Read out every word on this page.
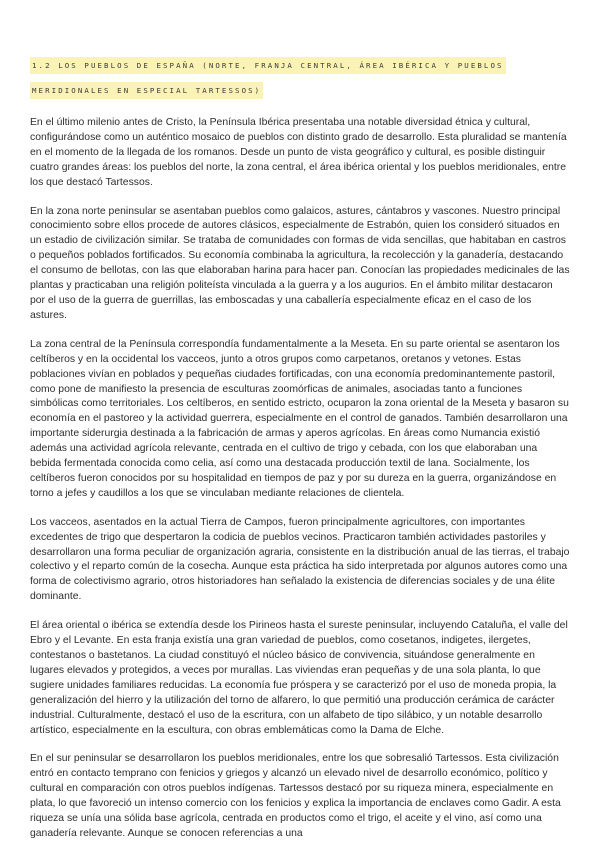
1.2 LOS PUEBLOS DE ESPAÑA (NORTE, FRANJA CENTRAL, ÁREA IBÉRICA Y PUEBLOS MERIDIONALES EN ESPECIAL TARTESSOS)

En el último milenio antes de Cristo, la Península Ibérica presentaba una notable diversidad étnica y cultural, configurándose como un auténtico mosaico de pueblos con distinto grado de desarrollo. Esta pluralidad se mantenía en el momento de la llegada de los romanos. Desde un punto de vista geográfico y cultural, es posible distinguir cuatro grandes áreas: los pueblos del norte, la zona central, el área ibérica oriental y los pueblos meridionales, entre los que destacó Tartessos.

En la zona norte peninsular se asentaban pueblos como galaicos, astures, cántabros y vascones. Nuestro principal conocimiento sobre ellos procede de autores clásicos, especialmente de Estrabón, quien los consideró situados en un estadio de civilización similar. Se trataba de comunidades con formas de vida sencillas, que habitaban en castros o pequeños poblados fortificados. Su economía combinaba la agricultura, la recolección y la ganadería, destacando el consumo de bellotas, con las que elaboraban harina para hacer pan. Conocían las propiedades medicinales de las plantas y practicaban una religión politeísta vinculada a la guerra y a los augurios. En el ámbito militar destacaron por el uso de la guerra de guerrillas, las emboscadas y una caballería especialmente eficaz en el caso de los astures.

La zona central de la Península correspondía fundamentalmente a la Meseta. En su parte oriental se asentaron los celtíberos y en la occidental los vacceos, junto a otros grupos como carpetanos, oretanos y vetones. Estas poblaciones vivían en poblados y pequeñas ciudades fortificadas, con una economía predominantemente pastoril, como pone de manifiesto la presencia de esculturas zoomórficas de animales, asociadas tanto a funciones simbólicas como territoriales. Los celtíberos, en sentido estricto, ocuparon la zona oriental de la Meseta y basaron su economía en el pastoreo y la actividad guerrera, especialmente en el control de ganados. También desarrollaron una importante siderurgia destinada a la fabricación de armas y aperos agrícolas. En áreas como Numancia existió además una actividad agrícola relevante, centrada en el cultivo de trigo y cebada, con los que elaboraban una bebida fermentada conocida como celia, así como una destacada producción textil de lana. Socialmente, los celtíberos fueron conocidos por su hospitalidad en tiempos de paz y por su dureza en la guerra, organizándose en torno a jefes y caudillos a los que se vinculaban mediante relaciones de clientela.

Los vacceos, asentados en la actual Tierra de Campos, fueron principalmente agricultores, con importantes excedentes de trigo que despertaron la codicia de pueblos vecinos. Practicaron también actividades pastoriles y desarrollaron una forma peculiar de organización agraria, consistente en la distribución anual de las tierras, el trabajo colectivo y el reparto común de la cosecha. Aunque esta práctica ha sido interpretada por algunos autores como una forma de colectivismo agrario, otros historiadores han señalado la existencia de diferencias sociales y de una élite dominante.

El área oriental o ibérica se extendía desde los Pirineos hasta el sureste peninsular, incluyendo Cataluña, el valle del Ebro y el Levante. En esta franja existía una gran variedad de pueblos, como cosetanos, indigetes, ilergetes, contestanos o bastetanos. La ciudad constituyó el núcleo básico de convivencia, situándose generalmente en lugares elevados y protegidos, a veces por murallas. Las viviendas eran pequeñas y de una sola planta, lo que sugiere unidades familiares reducidas. La economía fue próspera y se caracterizó por el uso de moneda propia, la generalización del hierro y la utilización del torno de alfarero, lo que permitió una producción cerámica de carácter industrial. Culturalmente, destacó el uso de la escritura, con un alfabeto de tipo silábico, y un notable desarrollo artístico, especialmente en la escultura, con obras emblemáticas como la Dama de Elche.

En el sur peninsular se desarrollaron los pueblos meridionales, entre los que sobresalió Tartessos. Esta civilización entró en contacto temprano con fenicios y griegos y alcanzó un elevado nivel de desarrollo económico, político y cultural en comparación con otros pueblos indígenas. Tartessos destacó por su riqueza minera, especialmente en plata, lo que favoreció un intenso comercio con los fenicios y explica la importancia de enclaves como Gadir. A esta riqueza se unía una sólida base agrícola, centrada en productos como el trigo, el aceite y el vino, así como una ganadería relevante. Aunque se conocen referencias a una
